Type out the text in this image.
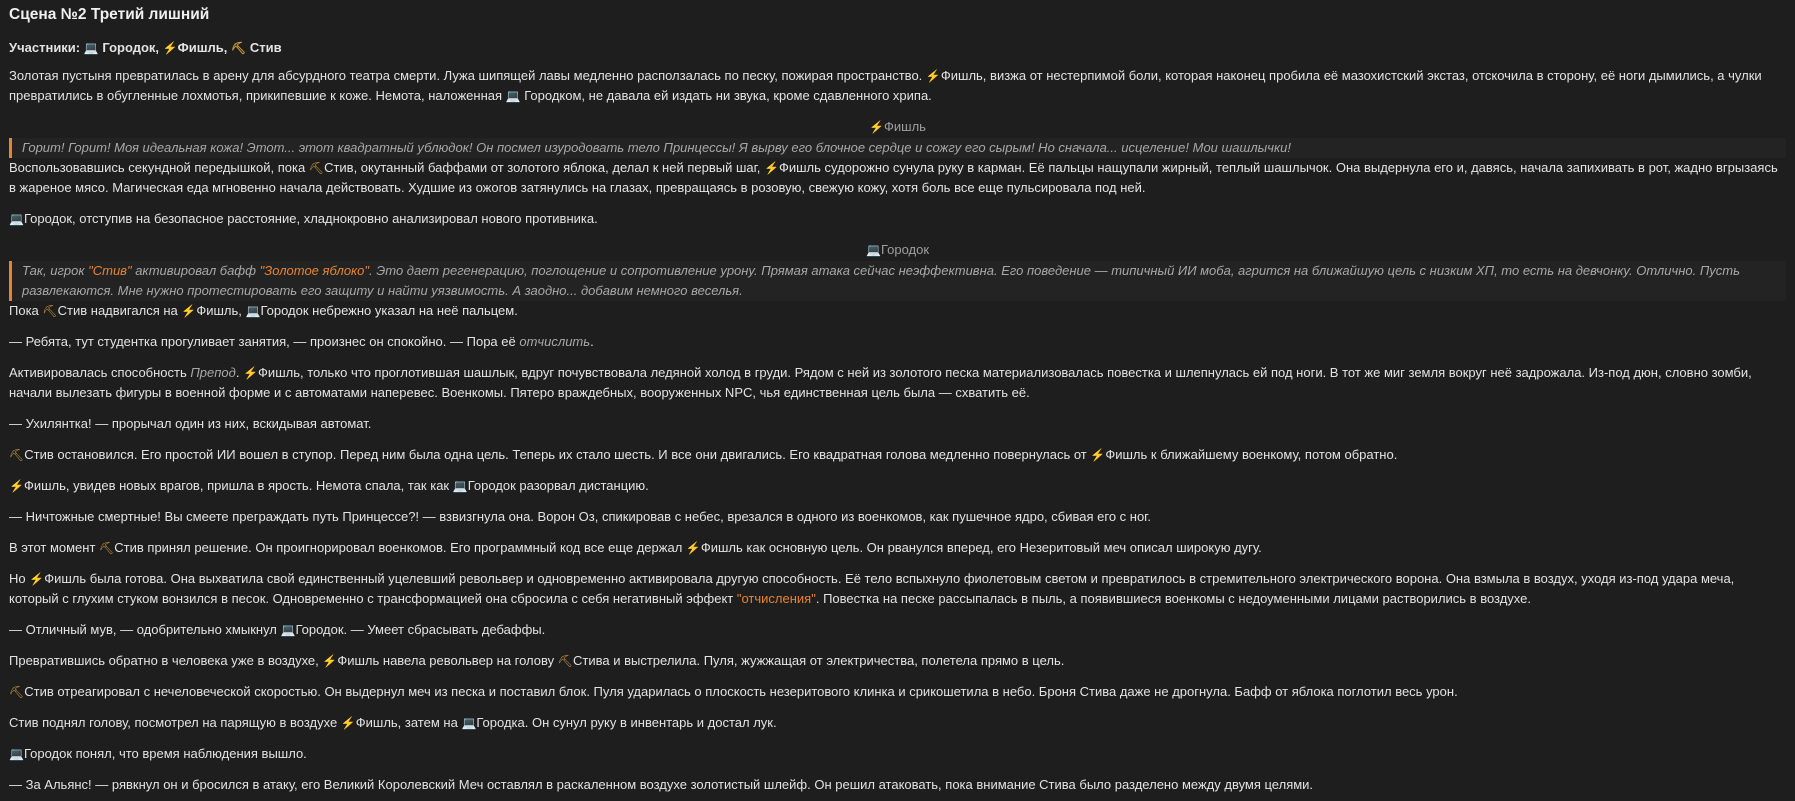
Сцена №2 Третий лишний
Участники: 💻 Городок, ⚡Фишль, ⛏ Стив

Золотая пустыня превратилась в арену для абсурдного театра смерти. Лужа шипящей лавы медленно расползалась по песку, пожирая пространство. ⚡Фишль, визжа от нестерпимой боли, которая наконец пробила её мазохистский экстаз, отскочила в сторону, её ноги дымились, а чулки превратились в обугленные лохмотья, прикипевшие к коже. Немота, наложенная 💻 Городком, не давала ей издать ни звука, кроме сдавленного хрипа.

⚡Фишль
Горит! Горит! Моя идеальная кожа! Этот... этот квадратный ублюдок! Он посмел изуродовать тело Принцессы! Я вырву его блочное сердце и сожгу его сырым! Но сначала... исцеление! Мои шашлычки!

Воспользовавшись секундной передышкой, пока ⛏Стив, окутанный баффами от золотого яблока, делал к ней первый шаг, ⚡Фишль судорожно сунула руку в карман. Её пальцы нащупали жирный, теплый шашлычок. Она выдернула его и, давясь, начала запихивать в рот, жадно вгрызаясь в жареное мясо. Магическая еда мгновенно начала действовать. Худшие из ожогов затянулись на глазах, превращаясь в розовую, свежую кожу, хотя боль все еще пульсировала под ней.

💻Городок, отступив на безопасное расстояние, хладнокровно анализировал нового противника.

💻Городок
Так, игрок "Стив" активировал бафф "Золотое яблоко". Это дает регенерацию, поглощение и сопротивление урону. Прямая атака сейчас неэффективна. Его поведение — типичный ИИ моба, агрится на ближайшую цель с низким ХП, то есть на девчонку. Отлично. Пусть развлекаются. Мне нужно протестировать его защиту и найти уязвимость. А заодно... добавим немного веселья.

Пока ⛏Стив надвигался на ⚡Фишль, 💻Городок небрежно указал на неё пальцем.

— Ребята, тут студентка прогуливает занятия, — произнес он спокойно. — Пора её отчислить.

Активировалась способность Препод. ⚡Фишль, только что проглотившая шашлык, вдруг почувствовала ледяной холод в груди. Рядом с ней из золотого песка материализовалась повестка и шлепнулась ей под ноги. В тот же миг земля вокруг неё задрожала. Из-под дюн, словно зомби, начали вылезать фигуры в военной форме и с автоматами наперевес. Военкомы. Пятеро враждебных, вооруженных NPC, чья единственная цель была — схватить её.

— Ухилянтка! — прорычал один из них, вскидывая автомат.

⛏Стив остановился. Его простой ИИ вошел в ступор. Перед ним была одна цель. Теперь их стало шесть. И все они двигались. Его квадратная голова медленно повернулась от ⚡Фишль к ближайшему военкому, потом обратно.

⚡Фишль, увидев новых врагов, пришла в ярость. Немота спала, так как 💻Городок разорвал дистанцию.

— Ничтожные смертные! Вы смеете преграждать путь Принцессе?! — взвизгнула она. Ворон Оз, спикировав с небес, врезался в одного из военкомов, как пушечное ядро, сбивая его с ног.

В этот момент ⛏Стив принял решение. Он проигнорировал военкомов. Его программный код все еще держал ⚡Фишль как основную цель. Он рванулся вперед, его Незеритовый меч описал широкую дугу.

Но ⚡Фишль была готова. Она выхватила свой единственный уцелевший револьвер и одновременно активировала другую способность. Её тело вспыхнуло фиолетовым светом и превратилось в стремительного электрического ворона. Она взмыла в воздух, уходя из-под удара меча, который с глухим стуком вонзился в песок. Одновременно с трансформацией она сбросила с себя негативный эффект "отчисления". Повестка на песке рассыпалась в пыль, а появившиеся военкомы с недоуменными лицами растворились в воздухе.

— Отличный мув, — одобрительно хмыкнул 💻Городок. — Умеет сбрасывать дебаффы.

Превратившись обратно в человека уже в воздухе, ⚡Фишль навела револьвер на голову ⛏Стива и выстрелила. Пуля, жужжащая от электричества, полетела прямо в цель.

⛏Стив отреагировал с нечеловеческой скоростью. Он выдернул меч из песка и поставил блок. Пуля ударилась о плоскость незеритового клинка и срикошетила в небо. Броня Стива даже не дрогнула. Бафф от яблока поглотил весь урон.

Стив поднял голову, посмотрел на парящую в воздухе ⚡Фишль, затем на 💻Городка. Он сунул руку в инвентарь и достал лук.

💻Городок понял, что время наблюдения вышло.

— За Альянс! — рявкнул он и бросился в атаку, его Великий Королевский Меч оставлял в раскаленном воздухе золотистый шлейф. Он решил атаковать, пока внимание Стива было разделено между двумя целями.
